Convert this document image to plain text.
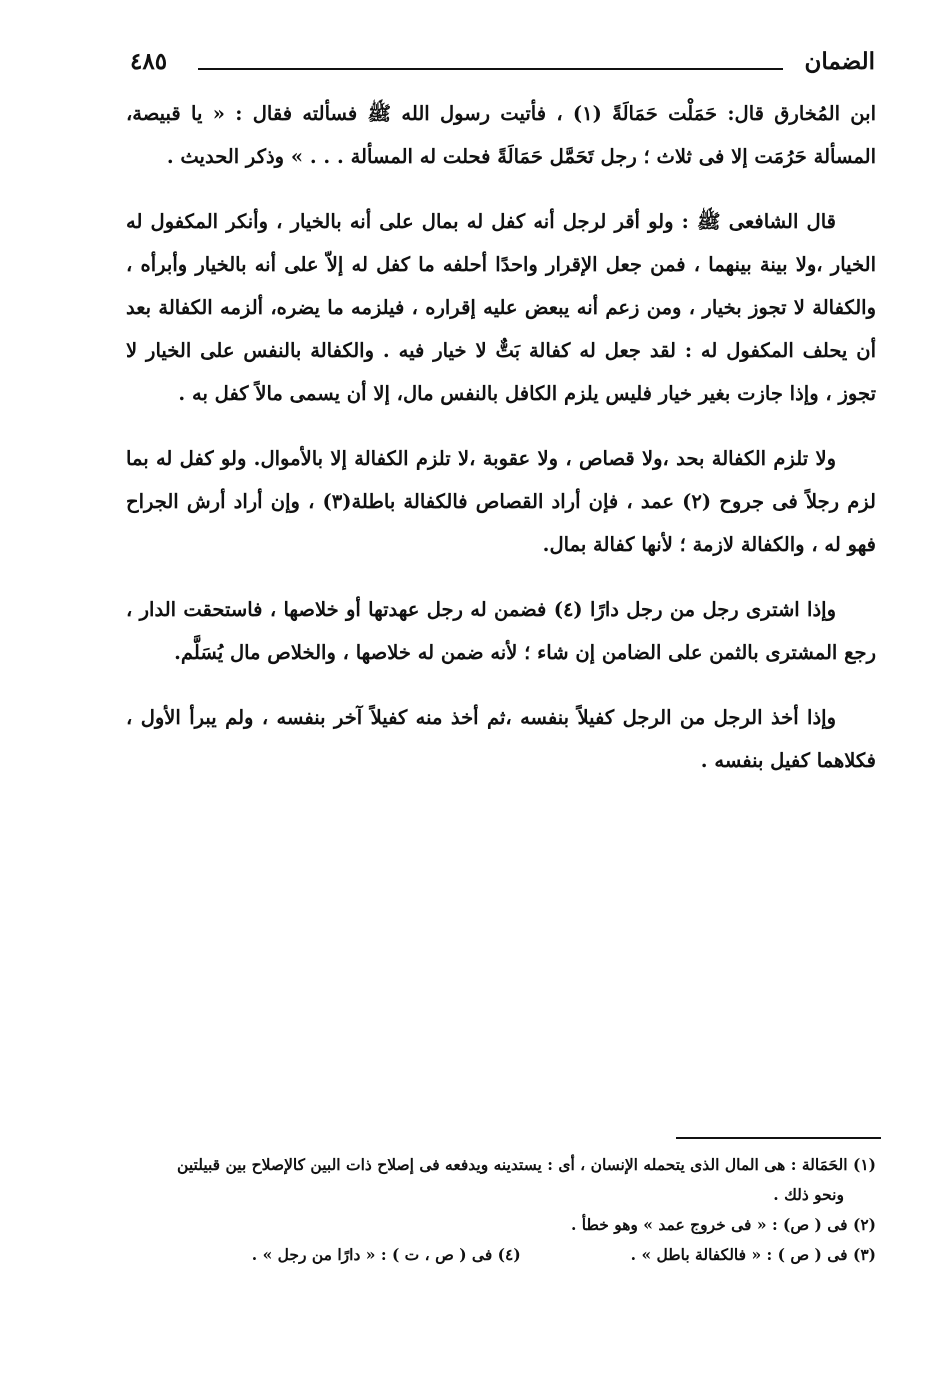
الضمان
٤٨٥

ابن المُخارق قال: حَمَلْت حَمَالَةً (١) ، فأتيت رسول الله ﷺ فسألته فقال : « يا قبيصة، المسألة حَرُمَت إلا فى ثلاث ؛ رجل تَحَمَّل حَمَالَةً فحلت له المسألة . . . » وذكر الحديث .

قال الشافعى ﷺ : ولو أقر لرجل أنه كفل له بمال على أنه بالخيار ، وأنكر المكفول له الخيار ،ولا بينة بينهما ، فمن جعل الإقرار واحدًا أحلفه ما كفل له إلاّ على أنه بالخيار وأبرأه ، والكفالة لا تجوز بخيار ، ومن زعم أنه يبعض عليه إقراره ، فيلزمه ما يضره، ألزمه الكفالة بعد أن يحلف المكفول له : لقد جعل له كفالة بَتٌّ لا خيار فيه . والكفالة بالنفس على الخيار لا تجوز ، وإذا جازت بغير خيار فليس يلزم الكافل بالنفس مال، إلا أن يسمى مالاً كفل به .

ولا تلزم الكفالة بحد ،ولا قصاص ، ولا عقوبة ،لا تلزم الكفالة إلا بالأموال. ولو كفل له بما لزم رجلاً فى جروح (٢) عمد ، فإن أراد القصاص فالكفالة باطلة(٣) ، وإن أراد أرش الجراح فهو له ، والكفالة لازمة ؛ لأنها كفالة بمال.

وإذا اشترى رجل من رجل دارًا (٤) فضمن له رجل عهدتها أو خلاصها ، فاستحقت الدار ، رجع المشترى بالثمن على الضامن إن شاء ؛ لأنه ضمن له خلاصها ، والخلاص مال يُسَلَّم.

وإذا أخذ الرجل من الرجل كفيلاً بنفسه ،ثم أخذ منه كفيلاً آخر بنفسه ، ولم يبرأ الأول ، فكلاهما كفيل بنفسه .

(١) الحَمَالة : هى المال الذى يتحمله الإنسان ، أى : يستدينه ويدفعه فى إصلاح ذات البين كالإصلاح بين قبيلتين

ونحو ذلك .

(٢) فى ( ص) : « فى خروج عمد » وهو خطأ .

(٣) فى ( ص ) : « فالكفالة باطل » .
(٤) فى ( ص ، ت ) : « دارًا من رجل » .
